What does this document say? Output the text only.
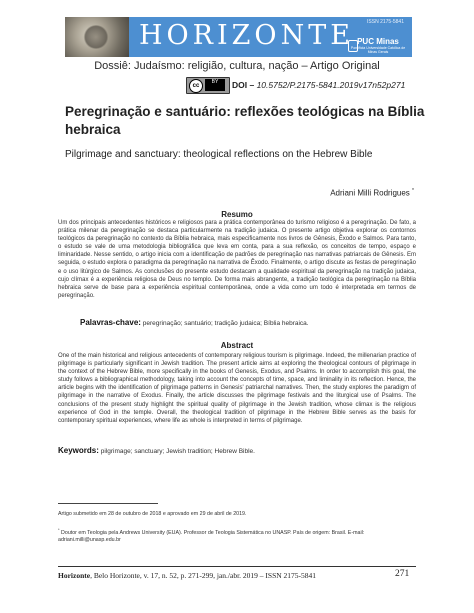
HORIZONTE	ISSN 2175-5841
PUC Minas
Pontifícia Universidade Católica de Minas Gerais
Dossiê: Judaísmo: religião, cultura, nação – Artigo Original
cc
BY	DOI – 10.5752/P.2175-5841.2019v17n52p271
Peregrinação e santuário: reflexões teológicas na Bíblia hebraica
Pilgrimage and sanctuary: theological reflections on the Hebrew Bible
Adriani Milli Rodrigues *
Resumo
Um dos principais antecedentes históricos e religiosos para a prática contemporânea do turismo religioso é a peregrinação. De fato, a prática milenar da peregrinação se destaca particularmente na tradição judaica. O presente artigo objetiva explorar os contornos teológicos da peregrinação no contexto da Bíblia hebraica, mais especificamente nos livros de Gênesis, Êxodo e Salmos. Para tanto, o estudo se vale de uma metodologia bibliográfica que leva em conta, para a sua reflexão, os conceitos de tempo, espaço e liminaridade. Nesse sentido, o artigo inicia com a identificação de padrões de peregrinação nas narrativas patriarcais de Gênesis. Em seguida, o estudo explora o paradigma da peregrinação na narrativa de Êxodo. Finalmente, o artigo discute as festas de peregrinação e o uso litúrgico de Salmos. As conclusões do presente estudo destacam a qualidade espiritual da peregrinação na tradição judaica, cujo clímax é a experiência religiosa de Deus no templo. De forma mais abrangente, a tradição teológica da peregrinação na Bíblia hebraica serve de base para a experiência espiritual contemporânea, onde a vida como um todo é interpretada em termos de peregrinação.
Palavras-chave: peregrinação; santuário; tradição judaica; Bíblia hebraica.
Abstract
One of the main historical and religious antecedents of contemporary religious tourism is pilgrimage. Indeed, the millenarian practice of pilgrimage is particularly significant in Jewish tradition. The present article aims at exploring the theological contours of pilgrimage in the context of the Hebrew Bible, more specifically in the books of Genesis, Exodus, and Psalms. In order to accomplish this goal, the study follows a bibliographical methodology, taking into account the concepts of time, space, and liminality in its reflection. Hence, the article begins with the identification of pilgrimage patterns in Genesis' patriarchal narratives. Then, the study explores the paradigm of pilgrimage in the narrative of Exodus. Finally, the article discusses the pilgrimage festivals and the liturgical use of Psalms. The conclusions of the present study highlight the spiritual quality of pilgrimage in the Jewish tradition, whose climax is the religious experience of God in the temple. Overall, the theological tradition of pilgrimage in the Hebrew Bible serves as the basis for contemporary spiritual experiences, where life as whole is interpreted in terms of pilgrimage.
Keywords: pilgrimage; sanctuary; Jewish tradition; Hebrew Bible.
Artigo submetido em 28 de outubro de 2018 e aprovado em 29 de abril de 2019.
* Doutor em Teologia pela Andrews University (EUA). Professor de Teologia Sistemática no UNASP. País de origem: Brasil. E-mail: adriani.milli@unasp.edu.br
Horizonte, Belo Horizonte, v. 17, n. 52, p. 271-299, jan./abr. 2019 – ISSN 2175-5841	271
